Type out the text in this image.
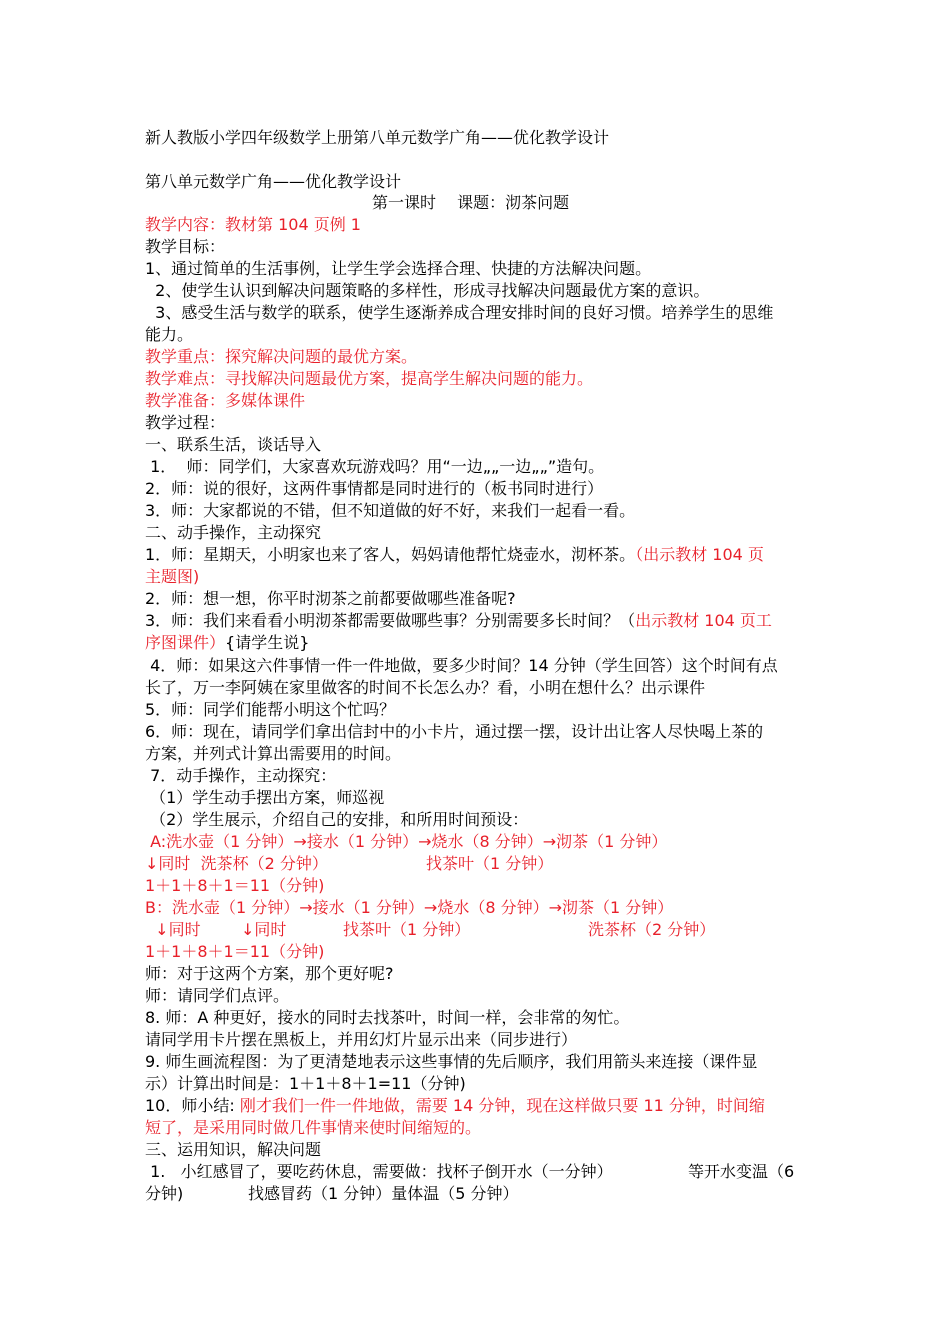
新人教版小学四年级数学上册第八单元数学广角——优化教学设计
第八单元数学广角——优化教学设计
第一课时　 课题：沏茶问题
教学内容：教材第 104 页例 1
教学目标：
1、通过简单的生活事例，让学生学会选择合理、快捷的方法解决问题。
2、使学生认识到解决问题策略的多样性，形成寻找解决问题最优方案的意识。
3、感受生活与数学的联系，使学生逐渐养成合理安排时间的良好习惯。培养学生的思维
能力。
教学重点：探究解决问题的最优方案。
教学难点：寻找解决问题最优方案，提高学生解决问题的能力。
教学准备：多媒体课件
教学过程：
一、联系生活，谈话导入
1．  师：同学们，大家喜欢玩游戏吗？用“一边„„一边„„”造句。
2．师：说的很好，这两件事情都是同时进行的（板书同时进行）
3．师：大家都说的不错，但不知道做的好不好，来我们一起看一看。
二、动手操作，主动探究
1．师：星期天，小明家也来了客人，妈妈请他帮忙烧壶水，沏杯茶。（出示教材 104 页
主题图)
2．师：想一想，你平时沏茶之前都要做哪些准备呢?
3．师：我们来看看小明沏茶都需要做哪些事？分别需要多长时间？（出示教材 104 页工
序图课件）{请学生说}
4．师：如果这六件事情一件一件地做，要多少时间？14 分钟（学生回答）这个时间有点
长了，万一李阿姨在家里做客的时间不长怎么办？看，小明在想什么？出示课件
5．师：同学们能帮小明这个忙吗？
6．师：现在，请同学们拿出信封中的小卡片，通过摆一摆，设计出让客人尽快喝上茶的
方案，并列式计算出需要用的时间。
7．动手操作，主动探究：
（1）学生动手摆出方案，师巡视
（2）学生展示，介绍自己的安排，和所用时间预设：
A:洗水壶（1 分钟）→接水（1 分钟）→烧水（8 分钟）→沏茶（1 分钟）
↓同时  洗茶杯（2 分钟）	找茶叶（1 分钟）
1＋1＋8＋1＝11（分钟)
B：洗水壶（1 分钟）→接水（1 分钟）→烧水（8 分钟）→沏茶（1 分钟）
↓同时	↓同时	找茶叶（1 分钟）	洗茶杯（2 分钟）
1＋1＋8＋1＝11（分钟)
师：对于这两个方案，那个更好呢?
师：请同学们点评。
8. 师：A 种更好，接水的同时去找茶叶，时间一样，会非常的匆忙。
请同学用卡片摆在黑板上，并用幻灯片显示出来（同步进行）
9. 师生画流程图：为了更清楚地表示这些事情的先后顺序，我们用箭头来连接（课件显
示）计算出时间是：1＋1＋8＋1=11（分钟)
10．师小结: 刚才我们一件一件地做，需要 14 分钟，现在这样做只要 11 分钟，时间缩
短了，是采用同时做几件事情来使时间缩短的。
三、运用知识，解决问题
1.   小红感冒了，要吃药休息，需要做：找杯子倒开水（一分钟）	等开水变温（6
分钟)	找感冒药（1 分钟）量体温（5 分钟）
